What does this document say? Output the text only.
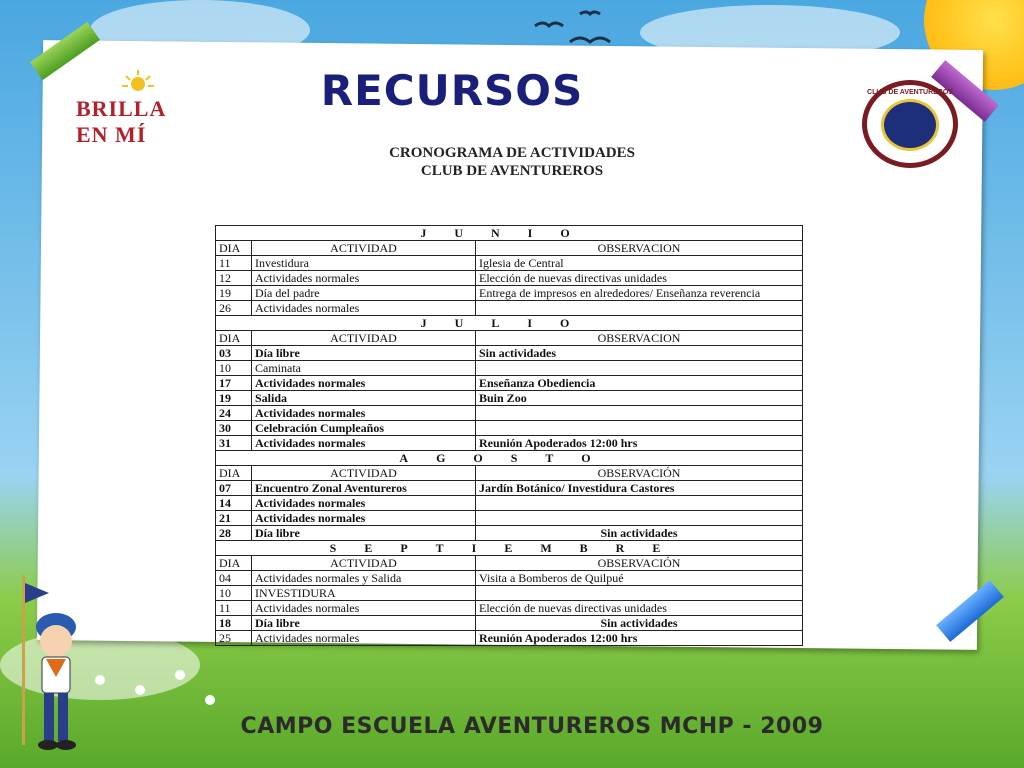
BRILLA EN MÍ
RECURSOS	CLUB DE AVENTUREROS
CRONOGRAMA DE ACTIVIDADES
CLUB DE AVENTUREROS
JUNIO		
DIA	ACTIVIDAD	OBSERVACION
11	Investidura	Iglesia de Central
12	Actividades normales	Elección de nuevas directivas unidades
19	Día del padre	Entrega de impresos en alrededores/ Enseñanza reverencia
26	Actividades normales	
JULIO		
DIA	ACTIVIDAD	OBSERVACION
03	Día libre	Sin actividades
10	Caminata	
17	Actividades normales	Enseñanza Obediencia
19	Salida	Buin Zoo
24	Actividades normales	
30	Celebración Cumpleaños	
31	Actividades normales	Reunión Apoderados 12:00 hrs
AGOSTO		
DIA	ACTIVIDAD	OBSERVACIÓN
07	Encuentro Zonal Aventureros	Jardín Botánico/ Investidura Castores
14	Actividades normales	
21	Actividades normales	
28	Día libre	Sin actividades
SEPTIEMBRE		
DIA	ACTIVIDAD	OBSERVACIÓN
04	Actividades normales y Salida	Visita a Bomberos de Quilpué
10	INVESTIDURA	
11	Actividades normales	Elección de nuevas directivas unidades
18	Día libre	Sin actividades
25	Actividades normales	Reunión Apoderados 12:00 hrs
CAMPO ESCUELA AVENTUREROS MCHP - 2009
